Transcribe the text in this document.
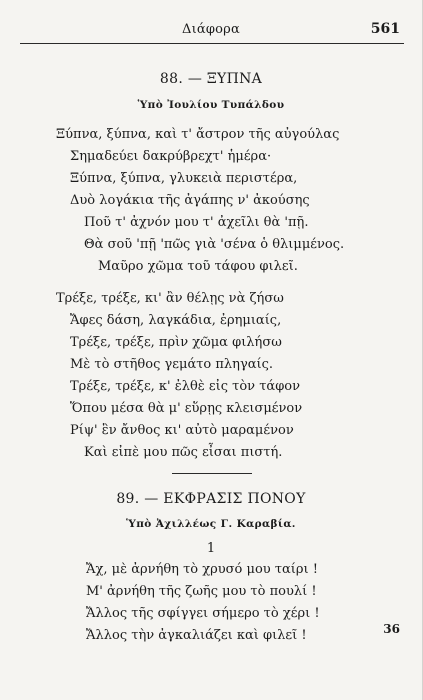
Διάφορα	561
88. — ΞΥΠΝΑ
Ὑπὸ Ἰουλίου Τυπάλδου
Ξύπνα, ξύπνα, καὶ τ' ἄστρον τῆς αὐγούλας
Σημαδεύει δακρύβρεχτ' ἡμέρα·
Ξύπνα, ξύπνα, γλυκειὰ περιστέρα,
Δυὸ λογάκια τῆς ἀγάπης ν' ἀκούσης
Ποῦ τ' ἀχνόν μου τ' ἀχεῖλι θὰ 'πῇ.
Θὰ σοῦ 'πῇ 'πῶς γιὰ 'σένα ὁ θλιμμένος.
Μαῦρο χῶμα τοῦ τάφου φιλεῖ.
Τρέξε, τρέξε, κι' ἂν θέλῃς νὰ ζήσω
Ἄφες δάση, λαγκάδια, ἐρημιαίς,
Τρέξε, τρέξε, πρὶν χῶμα φιλήσω
Μὲ τὸ στῆθος γεμάτο πληγαίς.
Τρέξε, τρέξε, κ' ἐλθὲ εἰς τὸν τάφον
Ὅπου μέσα θὰ μ' εὕρῃς κλεισμένον
Ρίψ' ἓν ἄνθος κι' αὐτὸ μαραμένον
Καὶ εἰπὲ μου πῶς εἶσαι πιστή.
89. — ΕΚΦΡΑΣΙΣ ΠΟΝΟΥ
Ὑπὸ Ἀχιλλέως Γ. Καραβία.
1
Ἄχ, μὲ ἀρνήθη τὸ χρυσό μου ταίρι !
Μ' ἀρνήθη τῆς ζωῆς μου τὸ πουλί !
Ἄλλος τῆς σφίγγει σήμερο τὸ χέρι !
Ἄλλος τὴν ἀγκαλιάζει καὶ φιλεῖ !	36
